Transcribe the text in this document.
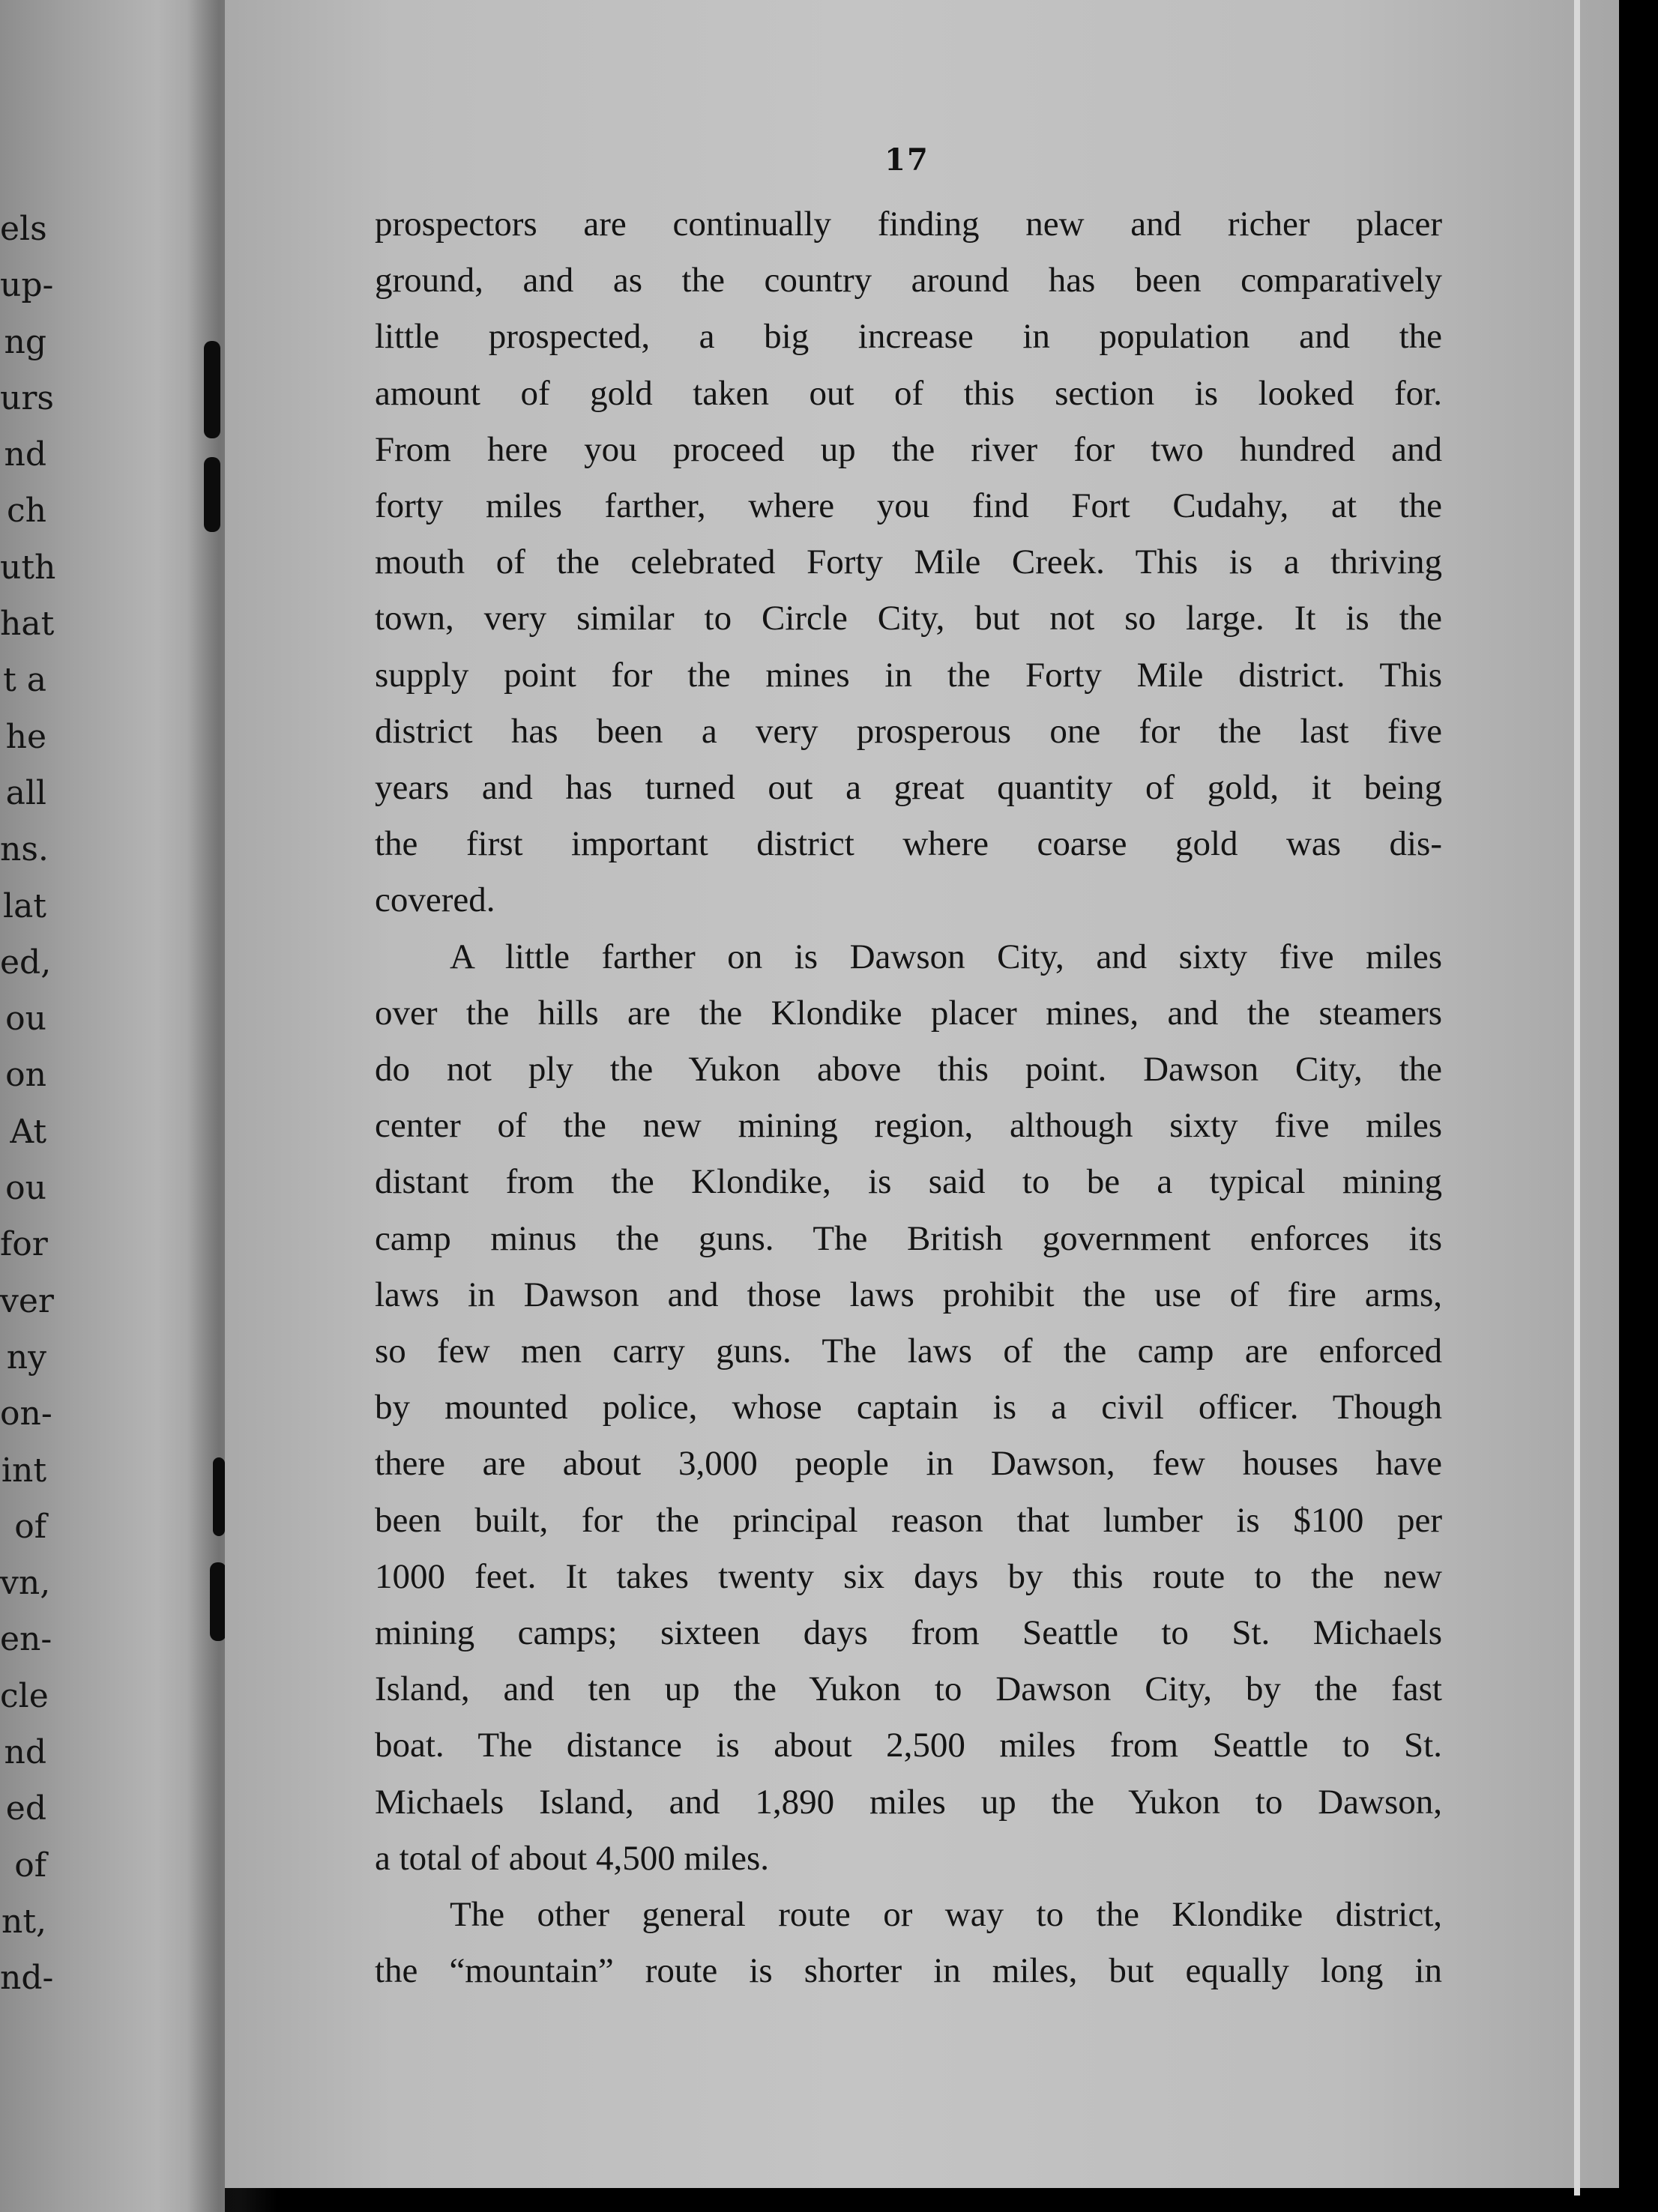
els
up-
ng
urs
nd
ch
uth
hat
t a
he
all
ns.
lat
ed,
ou
on
At
ou
for
ver
ny
on-
int
of
vn,
en-
cle
nd
ed
of
nt,
nd-
17

prospectors are continually finding new and richer placer
ground, and as the country around has been comparatively
little prospected, a big increase in population and the
amount of gold taken out of this section is looked for.
From here you proceed up the river for two hundred and
forty miles farther, where you find Fort Cudahy, at the
mouth of the celebrated Forty Mile Creek. This is a thriving
town, very similar to Circle City, but not so large. It is the
supply point for the mines in the Forty Mile district. This
district has been a very prosperous one for the last five
years and has turned out a great quantity of gold, it being
the first important district where coarse gold was dis-
covered.

A little farther on is Dawson City, and sixty five miles
over the hills are the Klondike placer mines, and the steamers
do not ply the Yukon above this point. Dawson City, the
center of the new mining region, although sixty five miles
distant from the Klondike, is said to be a typical mining
camp minus the guns. The British government enforces its
laws in Dawson and those laws prohibit the use of fire arms,
so few men carry guns. The laws of the camp are enforced
by mounted police, whose captain is a civil officer. Though
there are about 3,000 people in Dawson, few houses have
been built, for the principal reason that lumber is $100 per
1000 feet. It takes twenty six days by this route to the new
mining camps; sixteen days from Seattle to St. Michaels
Island, and ten up the Yukon to Dawson City, by the fast
boat. The distance is about 2,500 miles from Seattle to St.
Michaels Island, and 1,890 miles up the Yukon to Dawson,
a total of about 4,500 miles.

The other general route or way to the Klondike district,
the “mountain” route is shorter in miles, but equally long in
